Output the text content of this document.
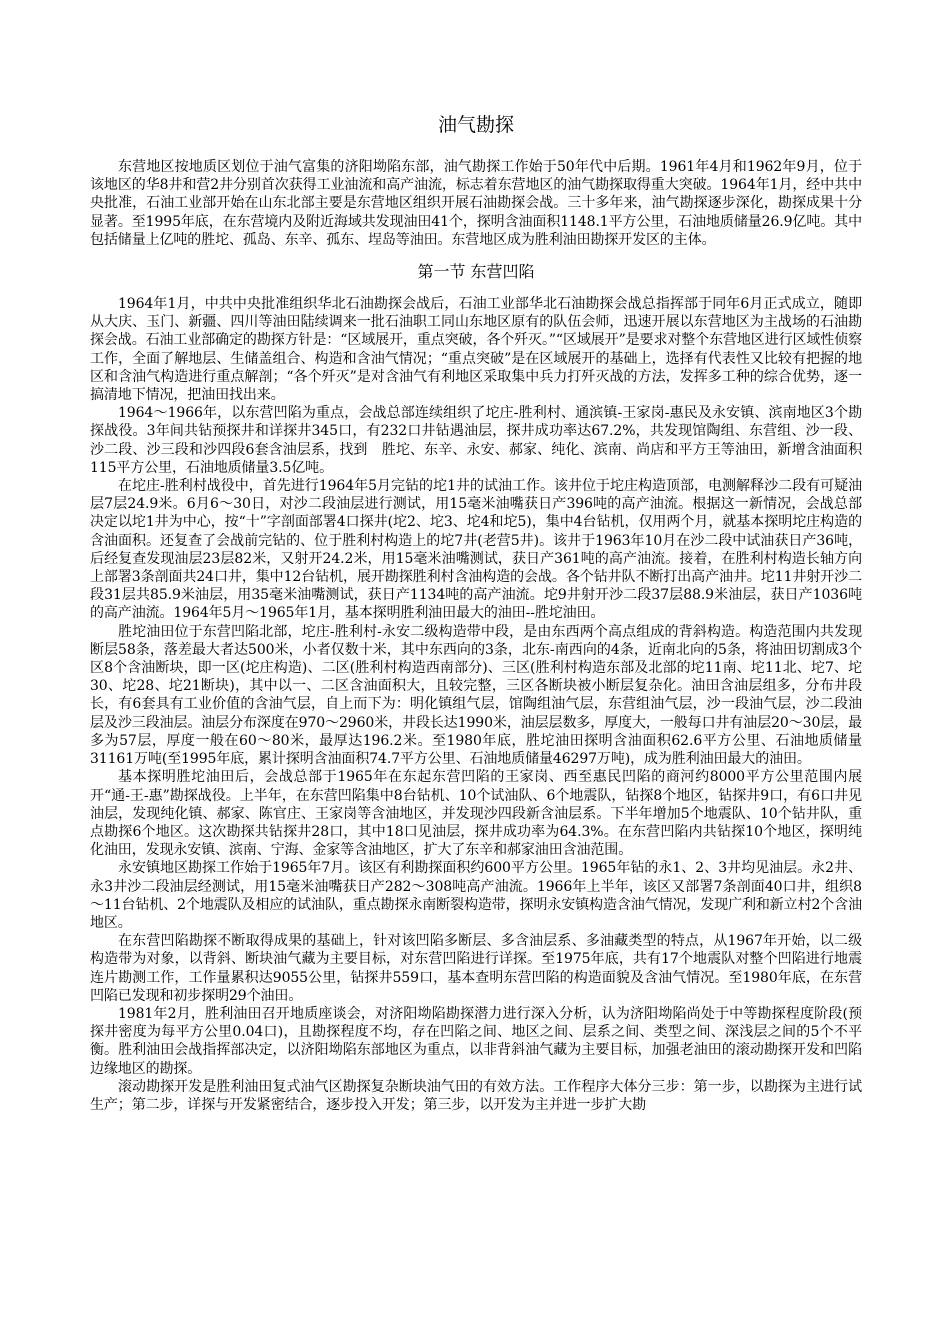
油气勘探

东营地区按地质区划位于油气富集的济阳坳陷东部，油气勘探工作始于50年代中后期。1961年4月和1962年9月，位于该地区的华8井和营2井分别首次获得工业油流和高产油流，标志着东营地区的油气勘探取得重大突破。1964年1月，经中共中央批准，石油工业部开始在山东北部主要是东营地区组织开展石油勘探会战。三十多年来，油气勘探逐步深化，勘探成果十分显著。至1995年底，在东营境内及附近海域共发现油田41个，探明含油面积1148.1平方公里，石油地质储量26.9亿吨。其中包括储量上亿吨的胜坨、孤岛、东辛、孤东、埕岛等油田。东营地区成为胜利油田勘探开发区的主体。

第一节 东营凹陷

1964年1月，中共中央批准组织华北石油勘探会战后，石油工业部华北石油勘探会战总指挥部于同年6月正式成立，随即从大庆、玉门、新疆、四川等油田陆续调来一批石油职工同山东地区原有的队伍会师，迅速开展以东营地区为主战场的石油勘探会战。石油工业部确定的勘探方针是：“区域展开，重点突破，各个歼灭。”“区域展开”是要求对整个东营地区进行区域性侦察工作，全面了解地层、生储盖组合、构造和含油气情况；“重点突破”是在区域展开的基础上，选择有代表性又比较有把握的地区和含油气构造进行重点解剖；“各个歼灭”是对含油气有利地区采取集中兵力打歼灭战的方法，发挥多工种的综合优势，逐一搞清地下情况，把油田找出来。

1964～1966年，以东营凹陷为重点，会战总部连续组织了坨庄-胜利村、通滨镇-王家岗-惠民及永安镇、滨南地区3个勘探战役。3年间共钻预探井和详探井345口，有232口井钻遇油层，探井成功率达67.2%，共发现馆陶组、东营组、沙一段、沙二段、沙三段和沙四段6套含油层系，找到　胜坨、东辛、永安、郝家、纯化、滨南、尚店和平方王等油田，新增含油面积115平方公里，石油地质储量3.5亿吨。

在坨庄-胜利村战役中，首先进行1964年5月完钻的坨1井的试油工作。该井位于坨庄构造顶部，电测解释沙二段有可疑油层7层24.9米。6月6～30日，对沙二段油层进行测试，用15毫米油嘴获日产396吨的高产油流。根据这一新情况，会战总部决定以坨1井为中心，按“十”字剖面部署4口探井(坨2、坨3、坨4和坨5)，集中4台钻机，仅用两个月，就基本探明坨庄构造的含油面积。还复查了会战前完钻的、位于胜利村构造上的坨7井(老营5井)。该井于1963年10月在沙二段中试油获日产36吨，后经复查发现油层23层82米，又射开24.2米，用15毫米油嘴测试，获日产361吨的高产油流。接着，在胜利村构造长轴方向上部署3条剖面共24口井，集中12台钻机，展开勘探胜利村含油构造的会战。各个钻井队不断打出高产油井。坨11井射开沙二段31层共85.9米油层，用35毫米油嘴测试，获日产1134吨的高产油流。坨9井射开沙二段37层88.9米油层，获日产1036吨的高产油流。1964年5月～1965年1月，基本探明胜利油田最大的油田--胜坨油田。

胜坨油田位于东营凹陷北部，坨庄-胜利村-永安二级构造带中段，是由东西两个高点组成的背斜构造。构造范围内共发现断层58条，落差最大者达500米，小者仅数十米，其中东西向的3条，北东-南西向的4条，近南北向的5条，将油田切割成3个区8个含油断块，即一区(坨庄构造)、二区(胜利村构造西南部分)、三区(胜利村构造东部及北部的坨11南、坨11北、坨7、坨30、坨28、坨21断块)，其中以一、二区含油面积大，且较完整，三区各断块被小断层复杂化。油田含油层组多，分布井段长，有6套具有工业价值的含油气层，自上而下为：明化镇组气层，馆陶组油气层，东营组油气层，沙一段油气层，沙二段油层及沙三段油层。油层分布深度在970～2960米，井段长达1990米，油层层数多，厚度大，一般每口井有油层20～30层，最多为57层，厚度一般在60～80米，最厚达196.2米。至1980年底，胜坨油田探明含油面积62.6平方公里、石油地质储量31161万吨(至1995年底，累计探明含油面积74.7平方公里、石油地质储量46297万吨)，成为胜利油田最大的油田。

基本探明胜坨油田后，会战总部于1965年在东起东营凹陷的王家岗、西至惠民凹陷的商河约8000平方公里范围内展开“通-王-惠”勘探战役。上半年，在东营凹陷集中8台钻机、10个试油队、6个地震队，钻探8个地区，钻探井9口，有6口井见油层，发现纯化镇、郝家、陈官庄、王家岗等含油地区，并发现沙四段新含油层系。下半年增加5个地震队、10个钻井队，重点勘探6个地区。这次勘探共钻探井28口，其中18口见油层，探井成功率为64.3%。在东营凹陷内共钻探10个地区，探明纯化油田，发现永安镇、滨南、宁海、金家等含油地区，扩大了东辛和郝家油田含油范围。

永安镇地区勘探工作始于1965年7月。该区有利勘探面积约600平方公里。1965年钻的永1、2、3井均见油层。永2井、永3井沙二段油层经测试，用15毫米油嘴获日产282～308吨高产油流。1966年上半年，该区又部署7条剖面40口井，组织8～11台钻机、2个地震队及相应的试油队，重点勘探永南断裂构造带，探明永安镇构造含油气情况，发现广利和新立村2个含油地区。

在东营凹陷勘探不断取得成果的基础上，针对该凹陷多断层、多含油层系、多油藏类型的特点，从1967年开始，以二级构造带为对象，以背斜、断块油气藏为主要目标，对东营凹陷进行详探。至1975年底，共有17个地震队对整个凹陷进行地震连片勘测工作，工作量累积达9055公里，钻探井559口，基本查明东营凹陷的构造面貌及含油气情况。至1980年底，在东营凹陷已发现和初步探明29个油田。

1981年2月，胜利油田召开地质座谈会，对济阳坳陷勘探潜力进行深入分析，认为济阳坳陷尚处于中等勘探程度阶段(预探井密度为每平方公里0.04口)，且勘探程度不均，存在凹陷之间、地区之间、层系之间、类型之间、深浅层之间的5个不平衡。胜利油田会战指挥部决定，以济阳坳陷东部地区为重点，以非背斜油气藏为主要目标，加强老油田的滚动勘探开发和凹陷边缘地区的勘探。

滚动勘探开发是胜利油田复式油气区勘探复杂断块油气田的有效方法。工作程序大体分三步：第一步，以勘探为主进行试生产；第二步，详探与开发紧密结合，逐步投入开发；第三步，以开发为主并进一步扩大勘
